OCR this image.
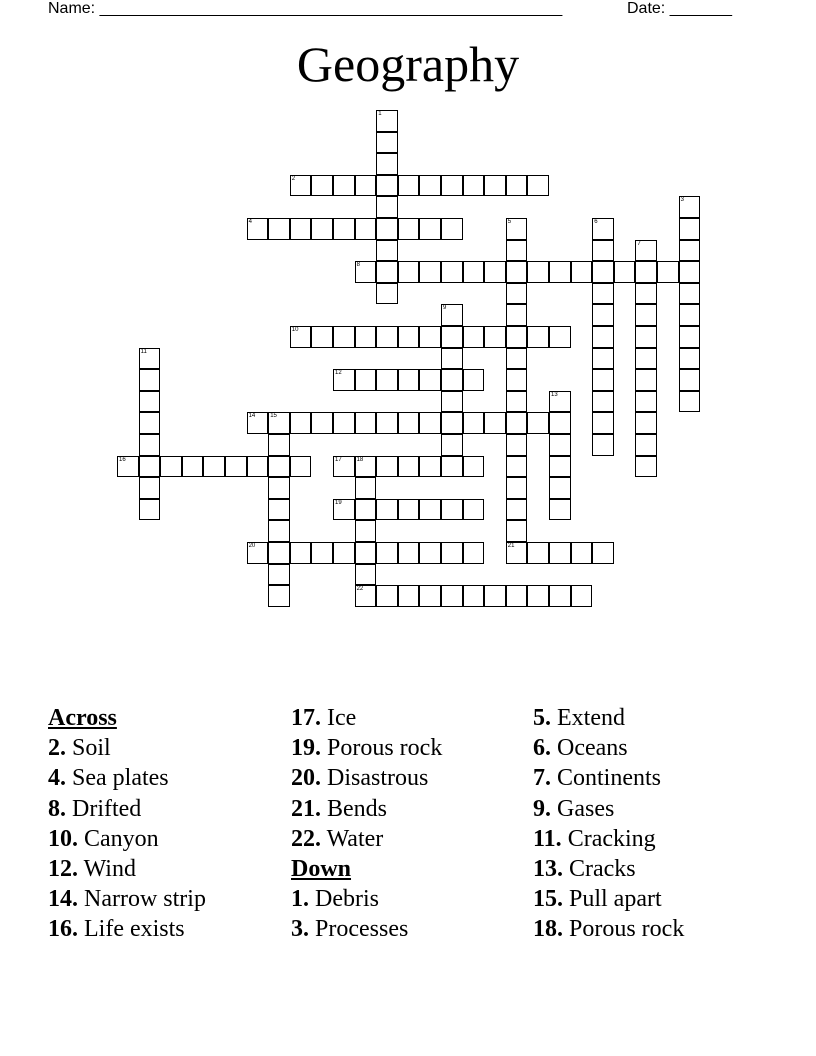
Name: ____________________________________________________	Date: _______
Geography
1
2
3
4	5	6
7
8
9
10
11
12
13
14 15
16	17 18
22
19
20	21
Across
2. Soil
4. Sea plates
8. Drifted
10. Canyon
12. Wind
14. Narrow strip
16. Life exists
17. Ice
19. Porous rock
20. Disastrous
21. Bends
22. Water
Down
1. Debris
3. Processes
5. Extend
6. Oceans
7. Continents
9. Gases
11. Cracking
13. Cracks
15. Pull apart
18. Porous rock
